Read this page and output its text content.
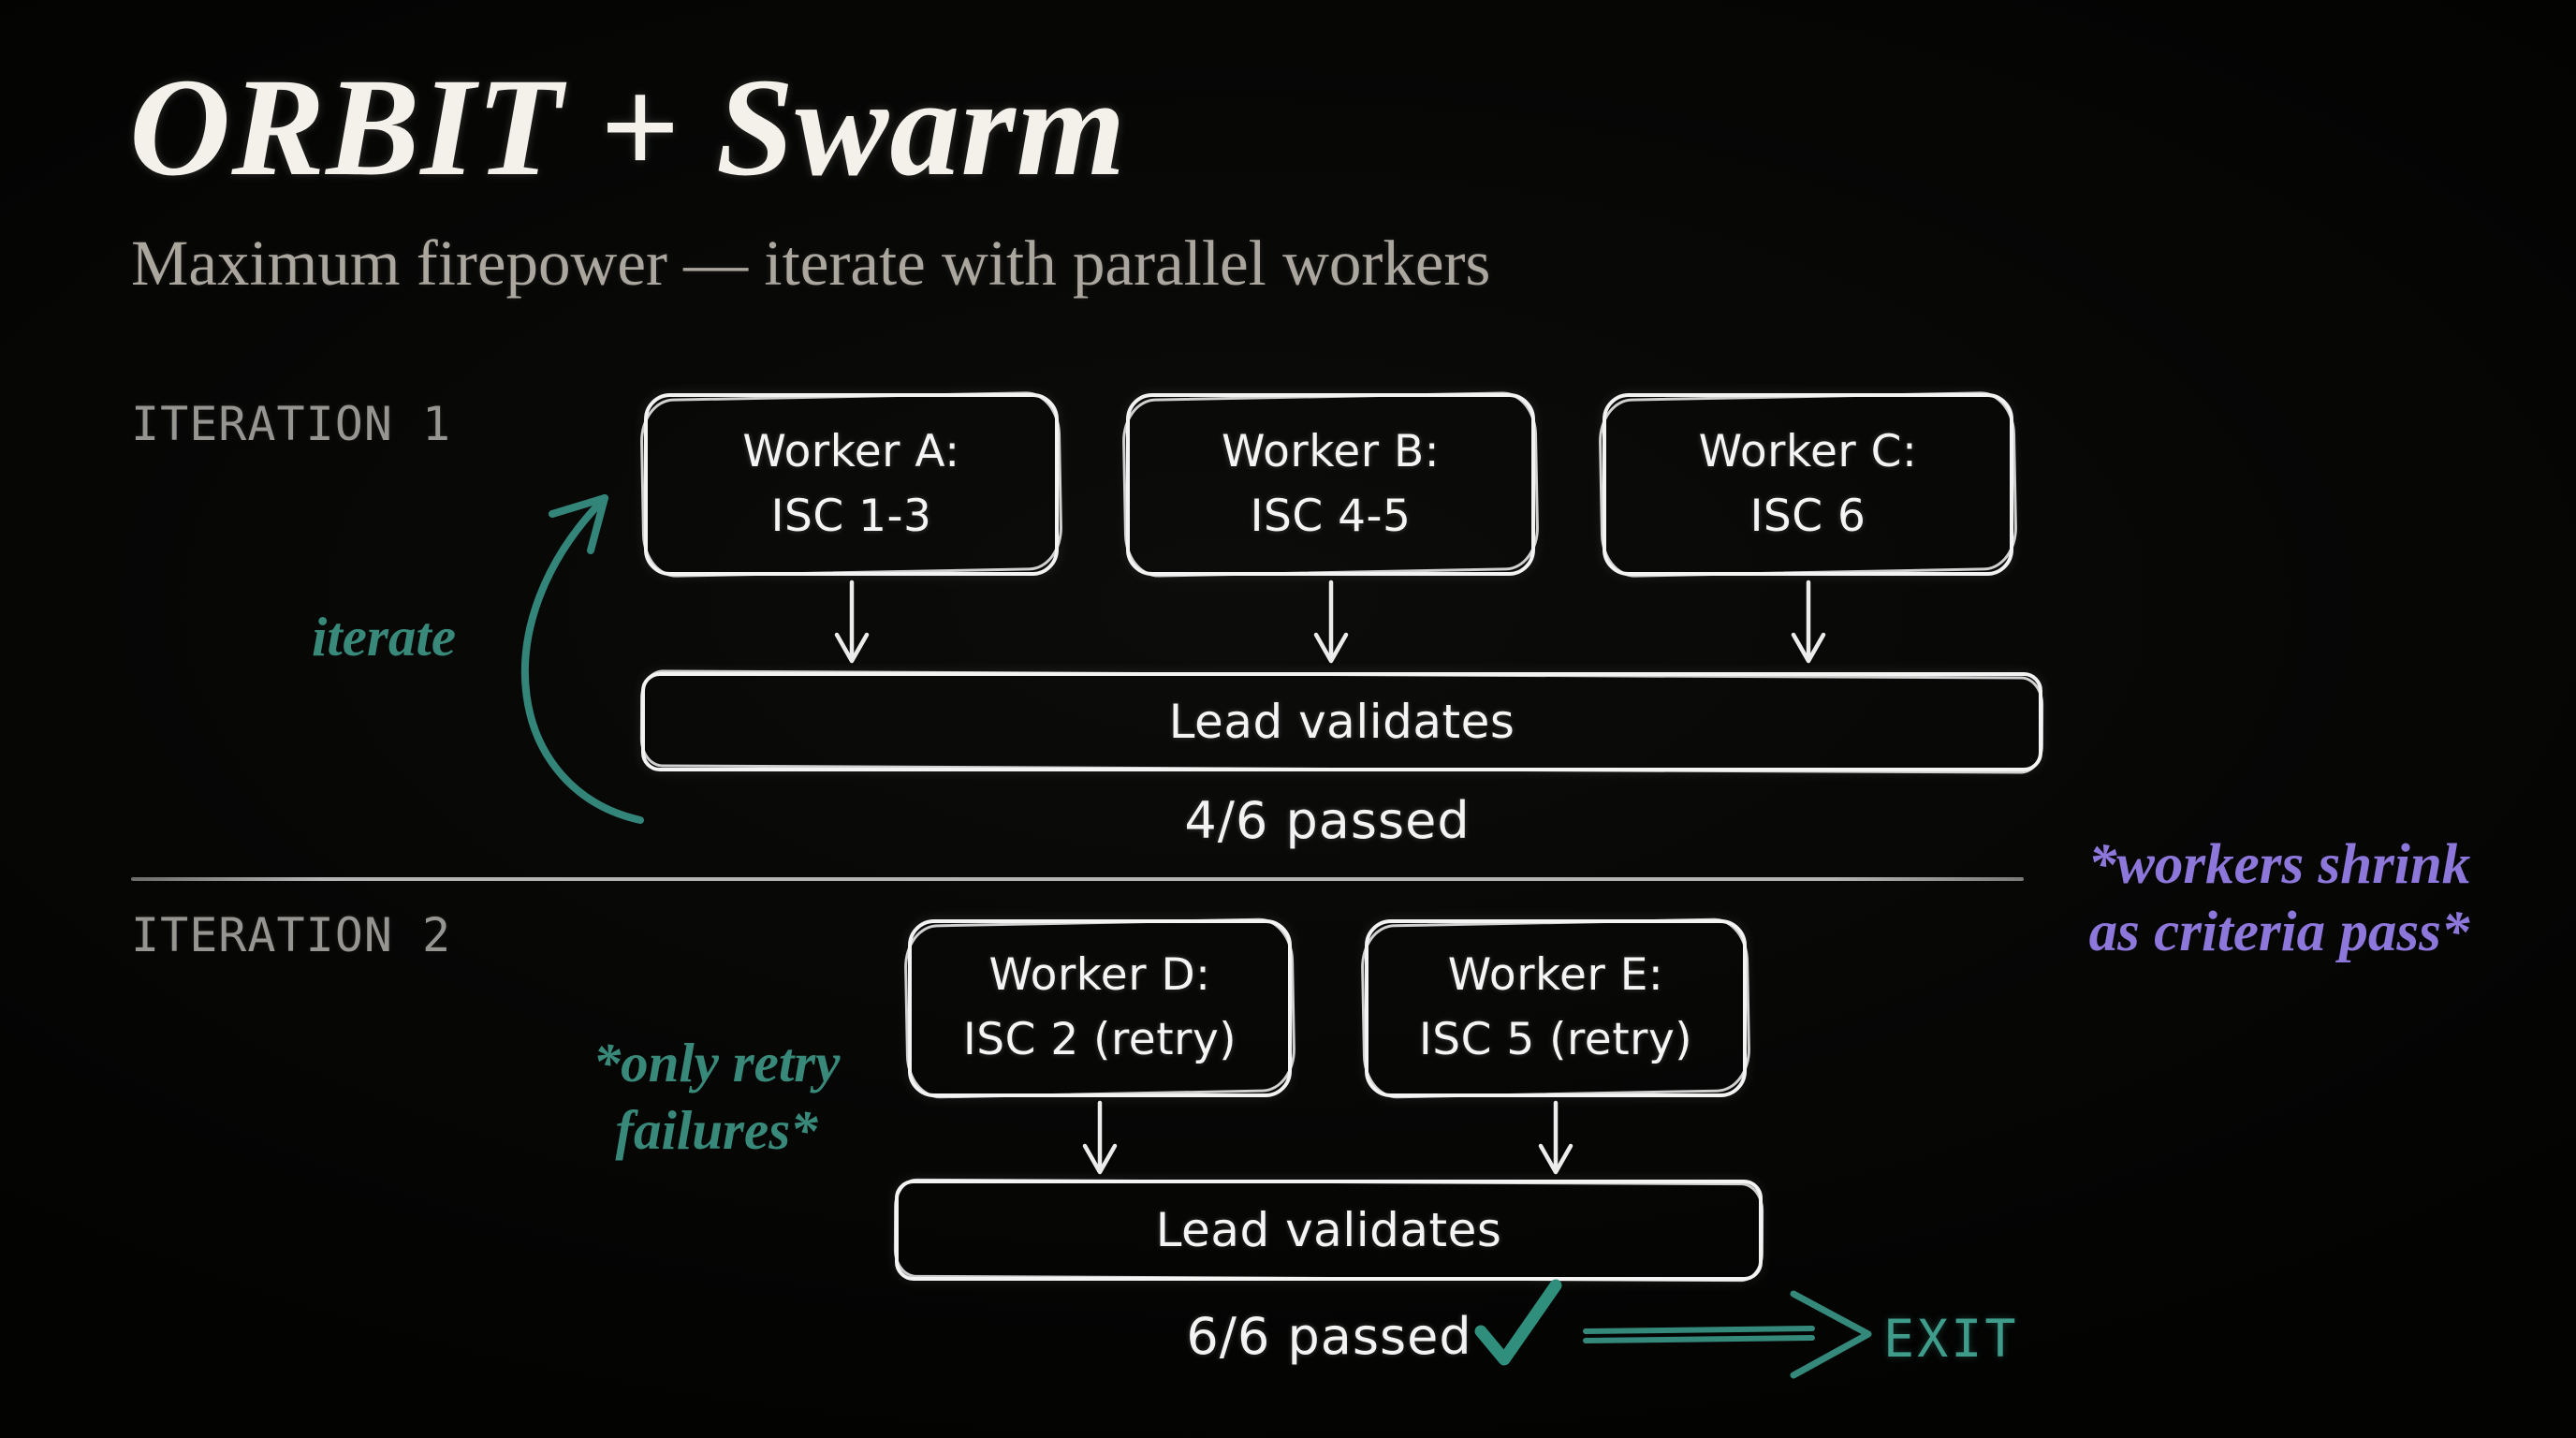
ORBIT + Swarm
Maximum firepower — iterate with parallel workers
ITERATION 1
Worker A:
ISC 1-3
Worker B:
ISC 4-5
Worker C:
ISC 6
Lead validates
4/6 passed
iterate
*workers shrink
as criteria pass*
ITERATION 2
*only retry
failures*
Worker D:
ISC 2 (retry)
Worker E:
ISC 5 (retry)
Lead validates
6/6 passed	EXIT
